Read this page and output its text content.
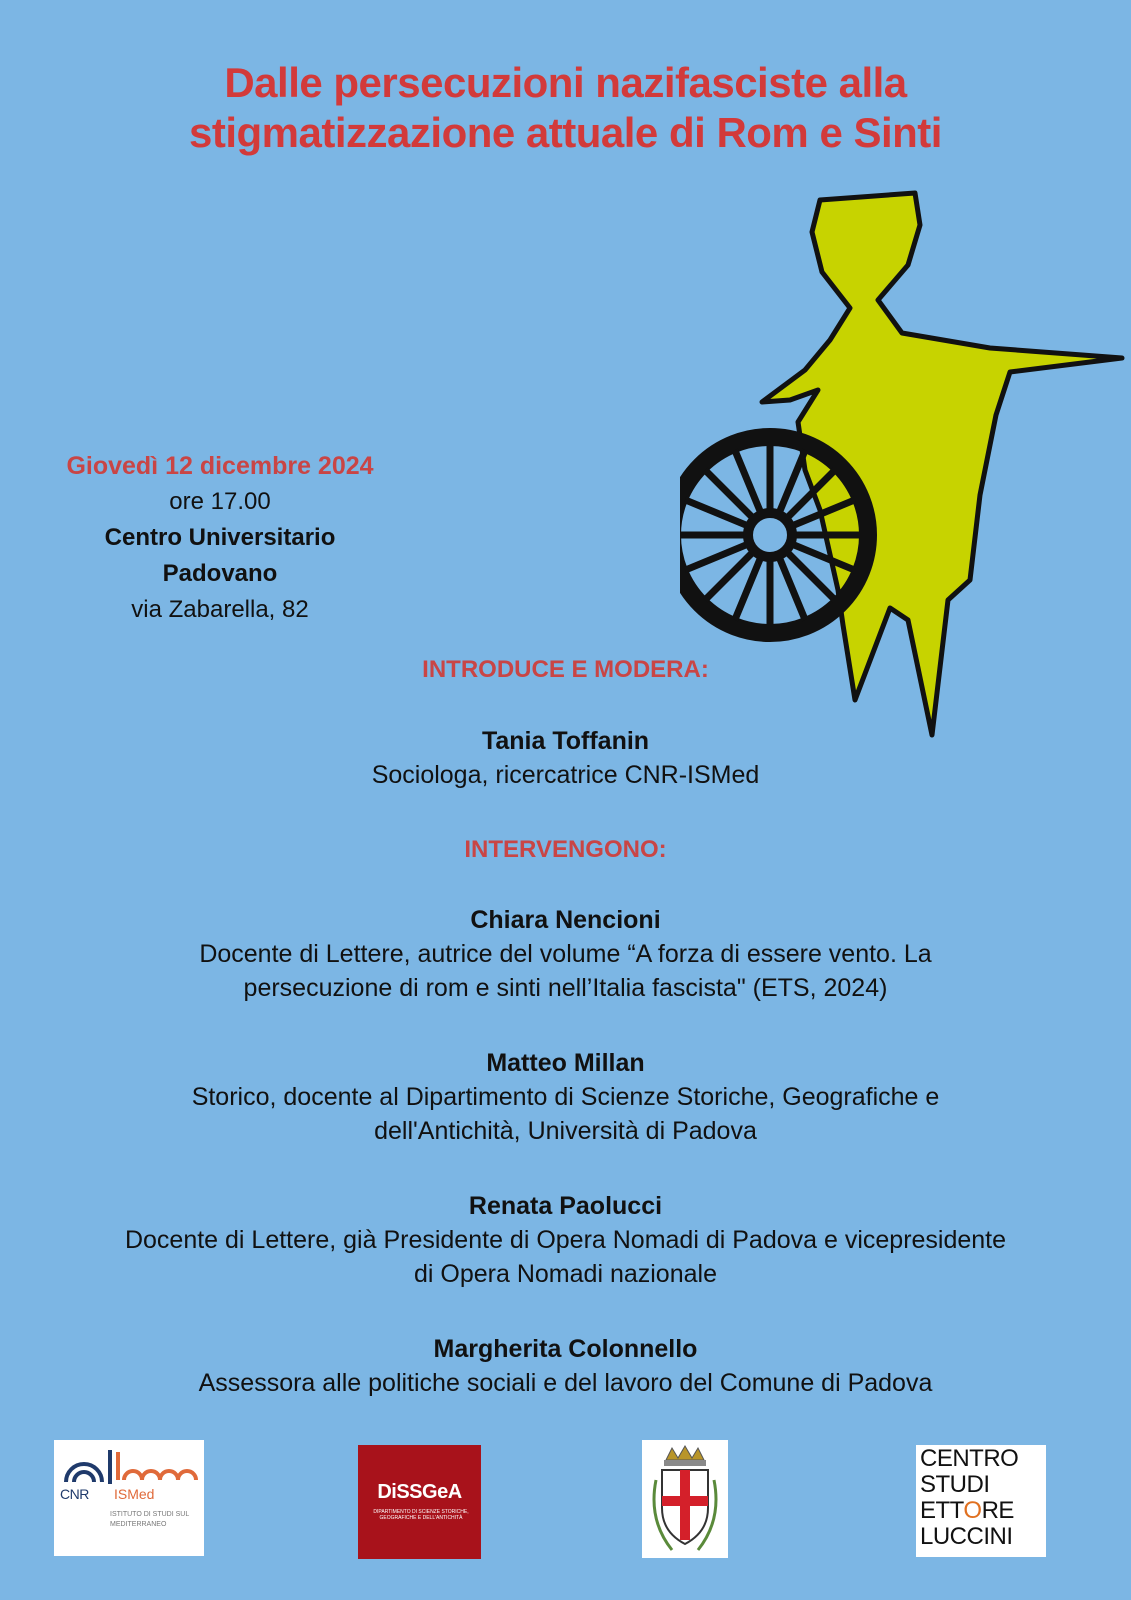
Dalle persecuzioni nazifasciste alla
stigmatizzazione attuale di Rom e Sinti
Giovedì 12 dicembre 2024
ore 17.00
Centro Universitario
Padovano
via Zabarella, 82
INTRODUCE E MODERA:
Tania Toffanin
Sociologa, ricercatrice CNR-ISMed
INTERVENGONO:
Chiara Nencioni
Docente di Lettere, autrice del volume “A forza di essere vento. La
persecuzione di rom e sinti nell’Italia fascista" (ETS, 2024)
Matteo Millan
Storico, docente al Dipartimento di Scienze Storiche, Geografiche e
dell'Antichità, Università di Padova
Renata Paolucci
Docente di Lettere, già Presidente di Opera Nomadi di Padova e vicepresidente
di Opera Nomadi nazionale
Margherita Colonnello
Assessora alle politiche sociali e del lavoro del Comune di Padova
CNR ISMed
ISTITUTO DI STUDI SUL MEDITERRANEO
DiSSGeA
DIPARTIMENTO DI SCIENZE STORICHE, GEOGRAFICHE E DELL'ANTICHITÀ
CENTRO
STUDI
ETTORE
LUCCINI
